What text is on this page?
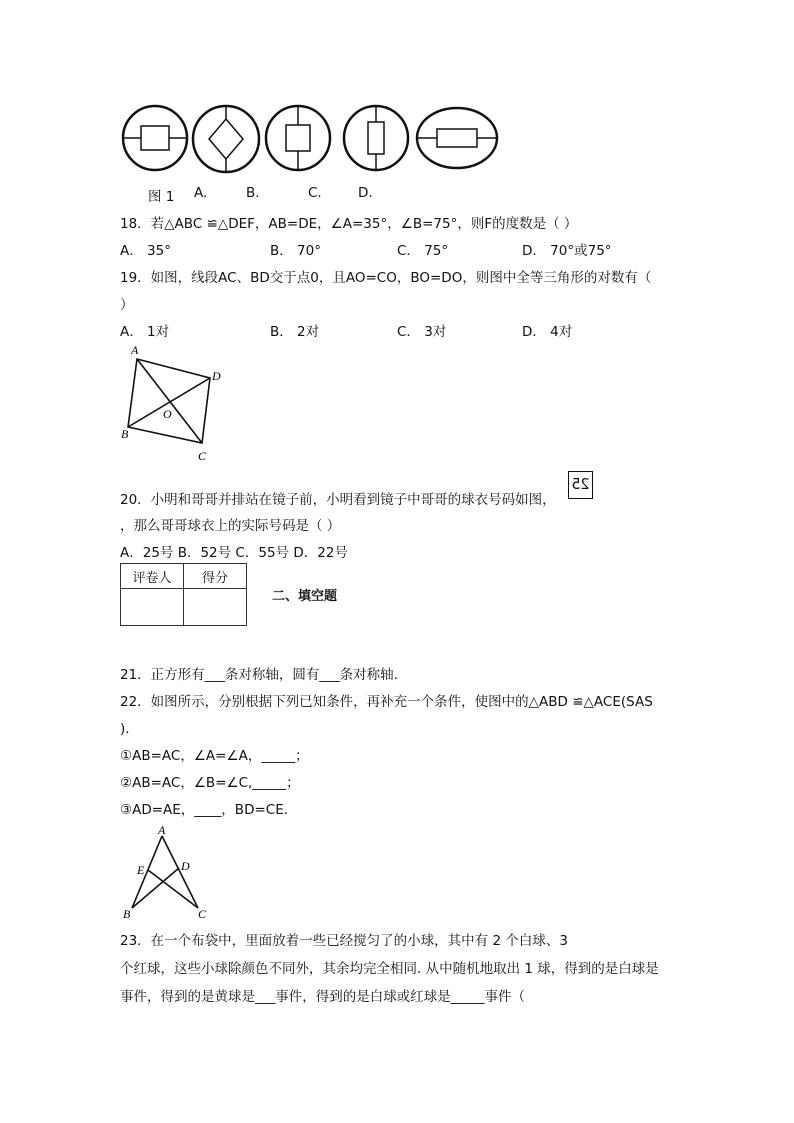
图 1 A.	B.	C.	D.
18．若△ABC ≌△DEF，AB=DE，∠A=35°，∠B=75°，则F的度数是（ ）
A． 35°	B． 70°	C． 75°	D． 70°或75°
19．如图，线段AC、BD交于点0，且AO=CO，BO=DO，则图中全等三角形的对数有（
）
A． 1对	B． 2对	C． 3对	D． 4对
A
D
O
B
C
20．小明和哥哥并排站在镜子前，小明看到镜子中哥哥的球衣号码如图，
25
，那么哥哥球衣上的实际号码是（ ）
A．25号 B．52号 C．55号 D．22号
评卷人	得分

二、填空题
21．正方形有___条对称轴，圆有___条对称轴.
22．如图所示，分别根据下列已知条件，再补充一个条件，使图中的△ABD ≌△ACE(SAS
)．
①AB=AC，∠A=∠A，_____；
②AB=AC，∠B=∠C,_____；
③AD=AE，____，BD=CE．
A
E	D
B	C
23．在一个布袋中，里面放着一些已经搅匀了的小球，其中有 2 个白球、3
个红球，这些小球除颜色不同外，其余均完全相同. 从中随机地取出 1 球，得到的是白球是
事件，得到的是黄球是___事件，得到的是白球或红球是_____事件（
